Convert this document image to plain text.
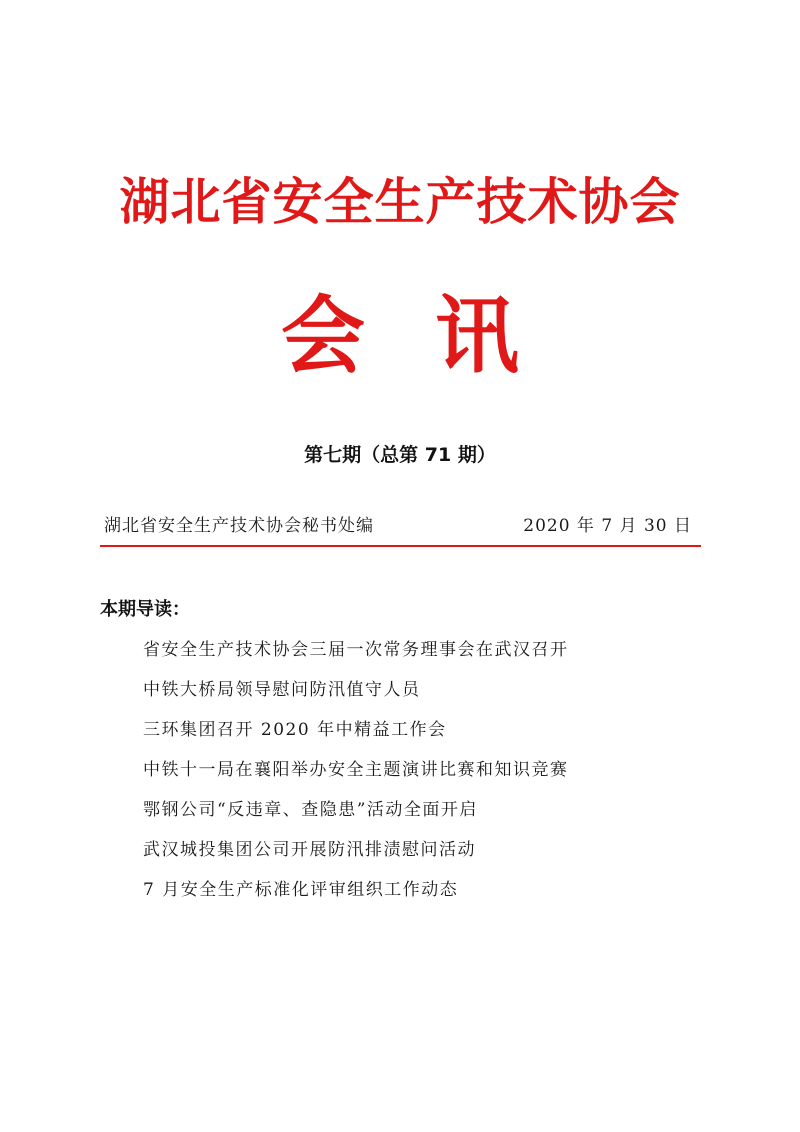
湖北省安全生产技术协会
会讯
第七期（总第 71 期）
湖北省安全生产技术协会秘书处编	2020 年 7 月 30 日
本期导读：
省安全生产技术协会三届一次常务理事会在武汉召开
中铁大桥局领导慰问防汛值守人员
三环集团召开 2020 年中精益工作会
中铁十一局在襄阳举办安全主题演讲比赛和知识竞赛
鄂钢公司“反违章、查隐患”活动全面开启
武汉城投集团公司开展防汛排渍慰问活动
7 月安全生产标准化评审组织工作动态
